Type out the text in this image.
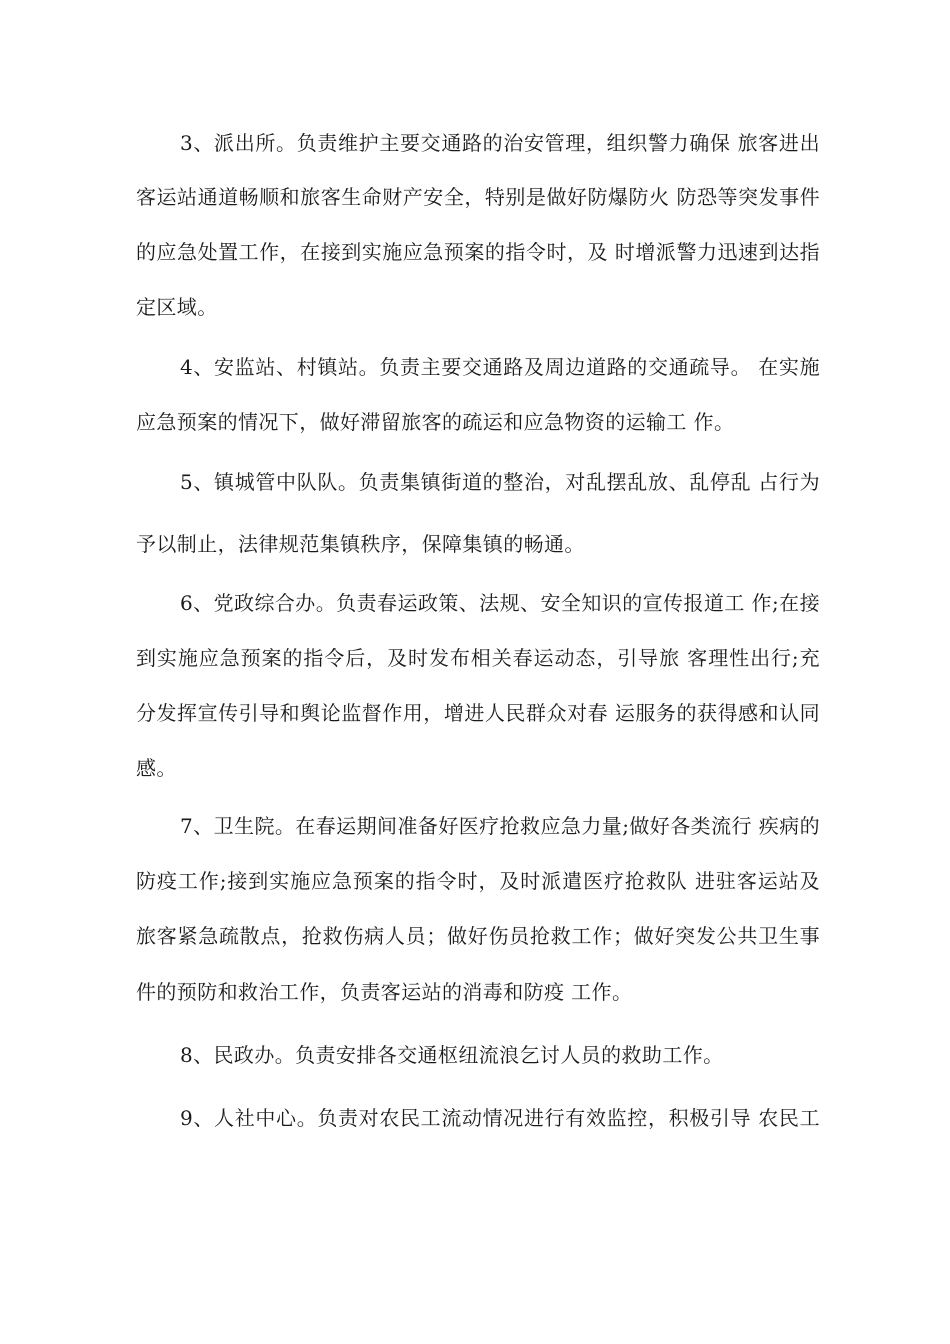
3、派出所。负责维护主要交通路的治安管理，组织警力确保 旅客进出
客运站通道畅顺和旅客生命财产安全，特别是做好防爆防火 防恐等突发事件
的应急处置工作，在接到实施应急预案的指令时，及 时增派警力迅速到达指
定区域。
4、安监站、村镇站。负责主要交通路及周边道路的交通疏导。 在实施
应急预案的情况下，做好滞留旅客的疏运和应急物资的运输工 作。
5、镇城管中队队。负责集镇街道的整治，对乱摆乱放、乱停乱 占行为
予以制止，法律规范集镇秩序，保障集镇的畅通。
6、党政综合办。负责春运政策、法规、安全知识的宣传报道工 作;在接
到实施应急预案的指令后，及时发布相关春运动态，引导旅 客理性出行;充
分发挥宣传引导和舆论监督作用，增进人民群众对春 运服务的获得感和认同
感。
7、卫生院。在春运期间准备好医疗抢救应急力量;做好各类流行 疾病的
防疫工作;接到实施应急预案的指令时，及时派遣医疗抢救队 进驻客运站及
旅客紧急疏散点，抢救伤病人员；做好伤员抢救工作；做好突发公共卫生事
件的预防和救治工作，负责客运站的消毒和防疫 工作。
8、民政办。负责安排各交通枢纽流浪乞讨人员的救助工作。
9、人社中心。负责对农民工流动情况进行有效监控，积极引导 农民工
